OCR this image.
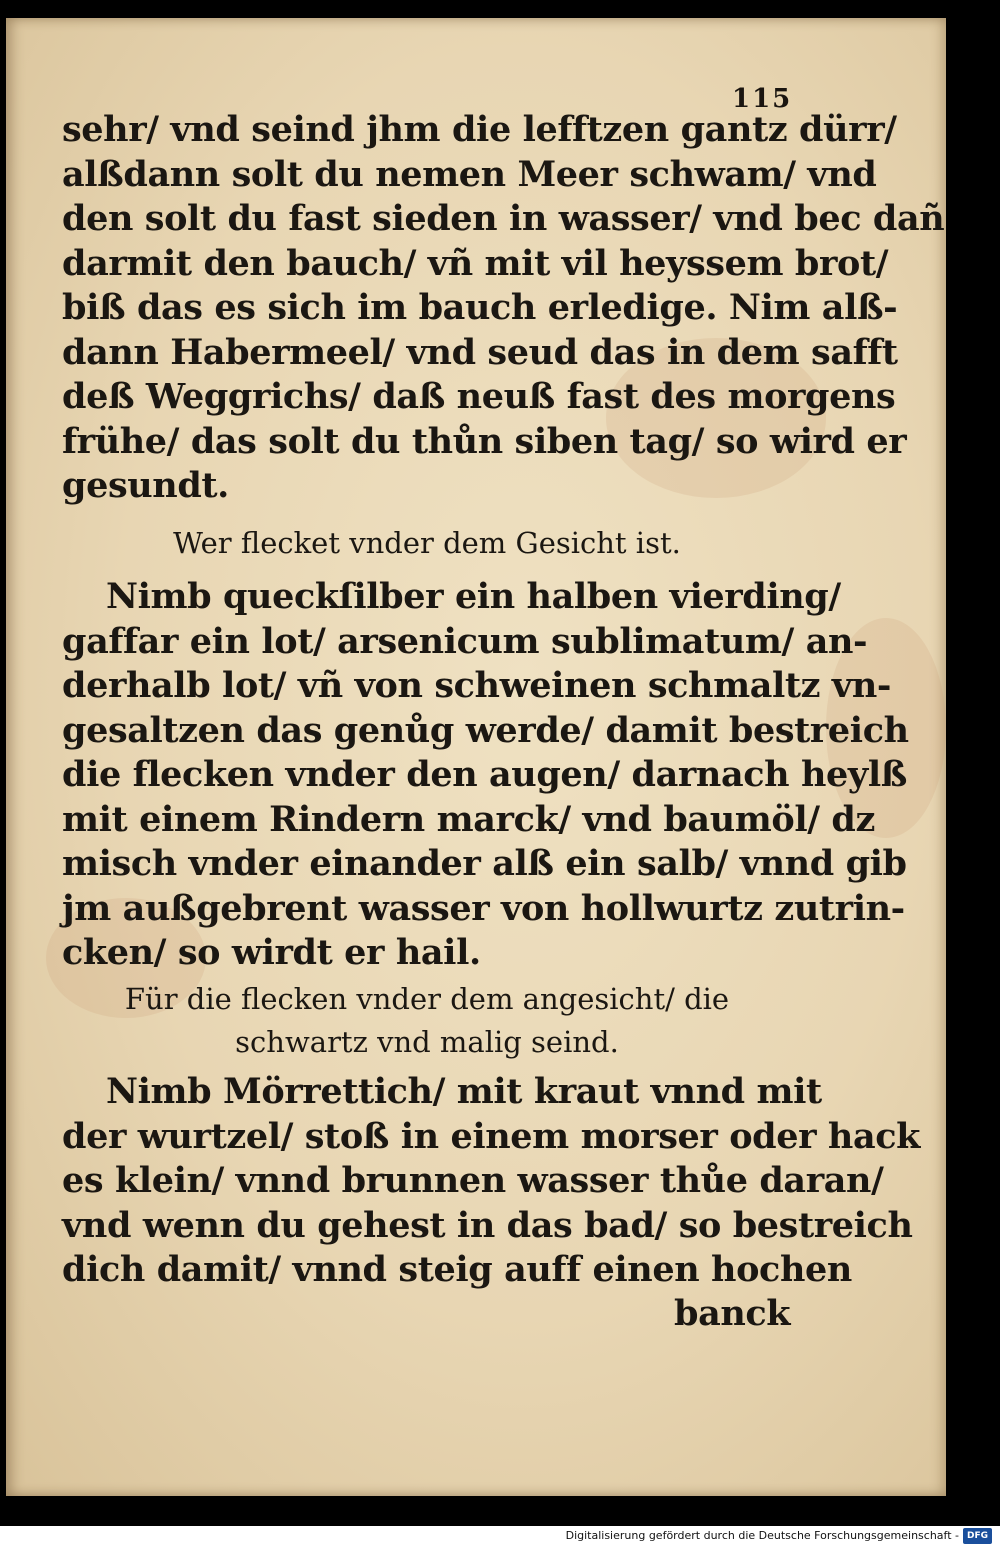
115
sehr/ vnd seind jhm die lefftzen gantz dürr/
alßdann solt du nemen Meer schwam/ vnd
den solt du fast sieden in wasser/ vnd bec dañ
darmit den bauch/ vñ mit vil heyssem brot/
biß das es sich im bauch erledige. Nim alß-
dann Habermeel/ vnd seud das in dem safft
deß Weggrichs/ daß neuß fast des morgens
frühe/ das solt du thůn siben tag/ so wird er
gesundt.
Wer flecket vnder dem Gesicht ist.
Nimb queckſilber ein halben vierding/
gaffar ein lot/ arsenicum sublimatum/ an-
derhalb lot/ vñ von schweinen schmaltz vn-
gesaltzen das genůg werde/ damit bestreich
die flecken vnder den augen/ darnach heylß
mit einem Rindern marck/ vnd baumöl/ dz
misch vnder einander alß ein salb/ vnnd gib
jm außgebrent wasser von hollwurtz zutrin-
cken/ so wirdt er hail.
Für die flecken vnder dem angesicht/ die
schwartz vnd malig seind.
Nimb Mörrettich/ mit kraut vnnd mit
der wurtzel/ stoß in einem morser oder hack
es klein/ vnnd brunnen wasser thůe daran/
vnd wenn du gehest in das bad/ so bestreich
dich damit/ vnnd steig auff einen hochen
banck
Digitalisierung gefördert durch die Deutsche Forschungsgemeinschaft - DFG
